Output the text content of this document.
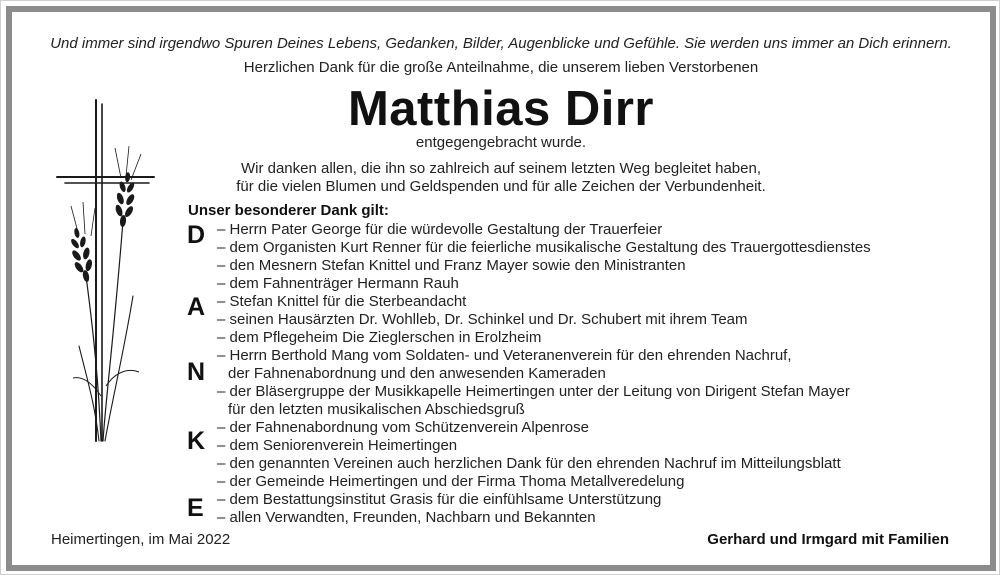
Und immer sind irgendwo Spuren Deines Lebens, Gedanken, Bilder, Augenblicke und Gefühle. Sie werden uns immer an Dich erinnern.
Herzlichen Dank für die große Anteilnahme, die unserem lieben Verstorbenen
Matthias Dirr
entgegengebracht wurde.
Wir danken allen, die ihn so zahlreich auf seinem letzten Weg begleitet haben,
für die vielen Blumen und Geldspenden und für alle Zeichen der Verbundenheit.
Unser besonderer Dank gilt:
D
A
N
K
E
– Herrn Pater George für die würdevolle Gestaltung der Trauerfeier
– dem Organisten Kurt Renner für die feierliche musikalische Gestaltung des Trauergottesdienstes
– den Mesnern Stefan Knittel und Franz Mayer sowie den Ministranten
– dem Fahnenträger Hermann Rauh
– Stefan Knittel für die Sterbeandacht
– seinen Hausärzten Dr. Wohlleb, Dr. Schinkel und Dr. Schubert mit ihrem Team
– dem Pflegeheim Die Zieglerschen in Erolzheim
– Herrn Berthold Mang vom Soldaten- und Veteranenverein für den ehrenden Nachruf,
der Fahnenabordnung und den anwesenden Kameraden
– der Bläsergruppe der Musikkapelle Heimertingen unter der Leitung von Dirigent Stefan Mayer
für den letzten musikalischen Abschiedsgruß
– der Fahnenabordnung vom Schützenverein Alpenrose
– dem Seniorenverein Heimertingen
– den genannten Vereinen auch herzlichen Dank für den ehrenden Nachruf im Mitteilungsblatt
– der Gemeinde Heimertingen und der Firma Thoma Metallveredelung
– dem Bestattungsinstitut Grasis für die einfühlsame Unterstützung
– allen Verwandten, Freunden, Nachbarn und Bekannten
Heimertingen, im Mai 2022	Gerhard und Irmgard mit Familien
